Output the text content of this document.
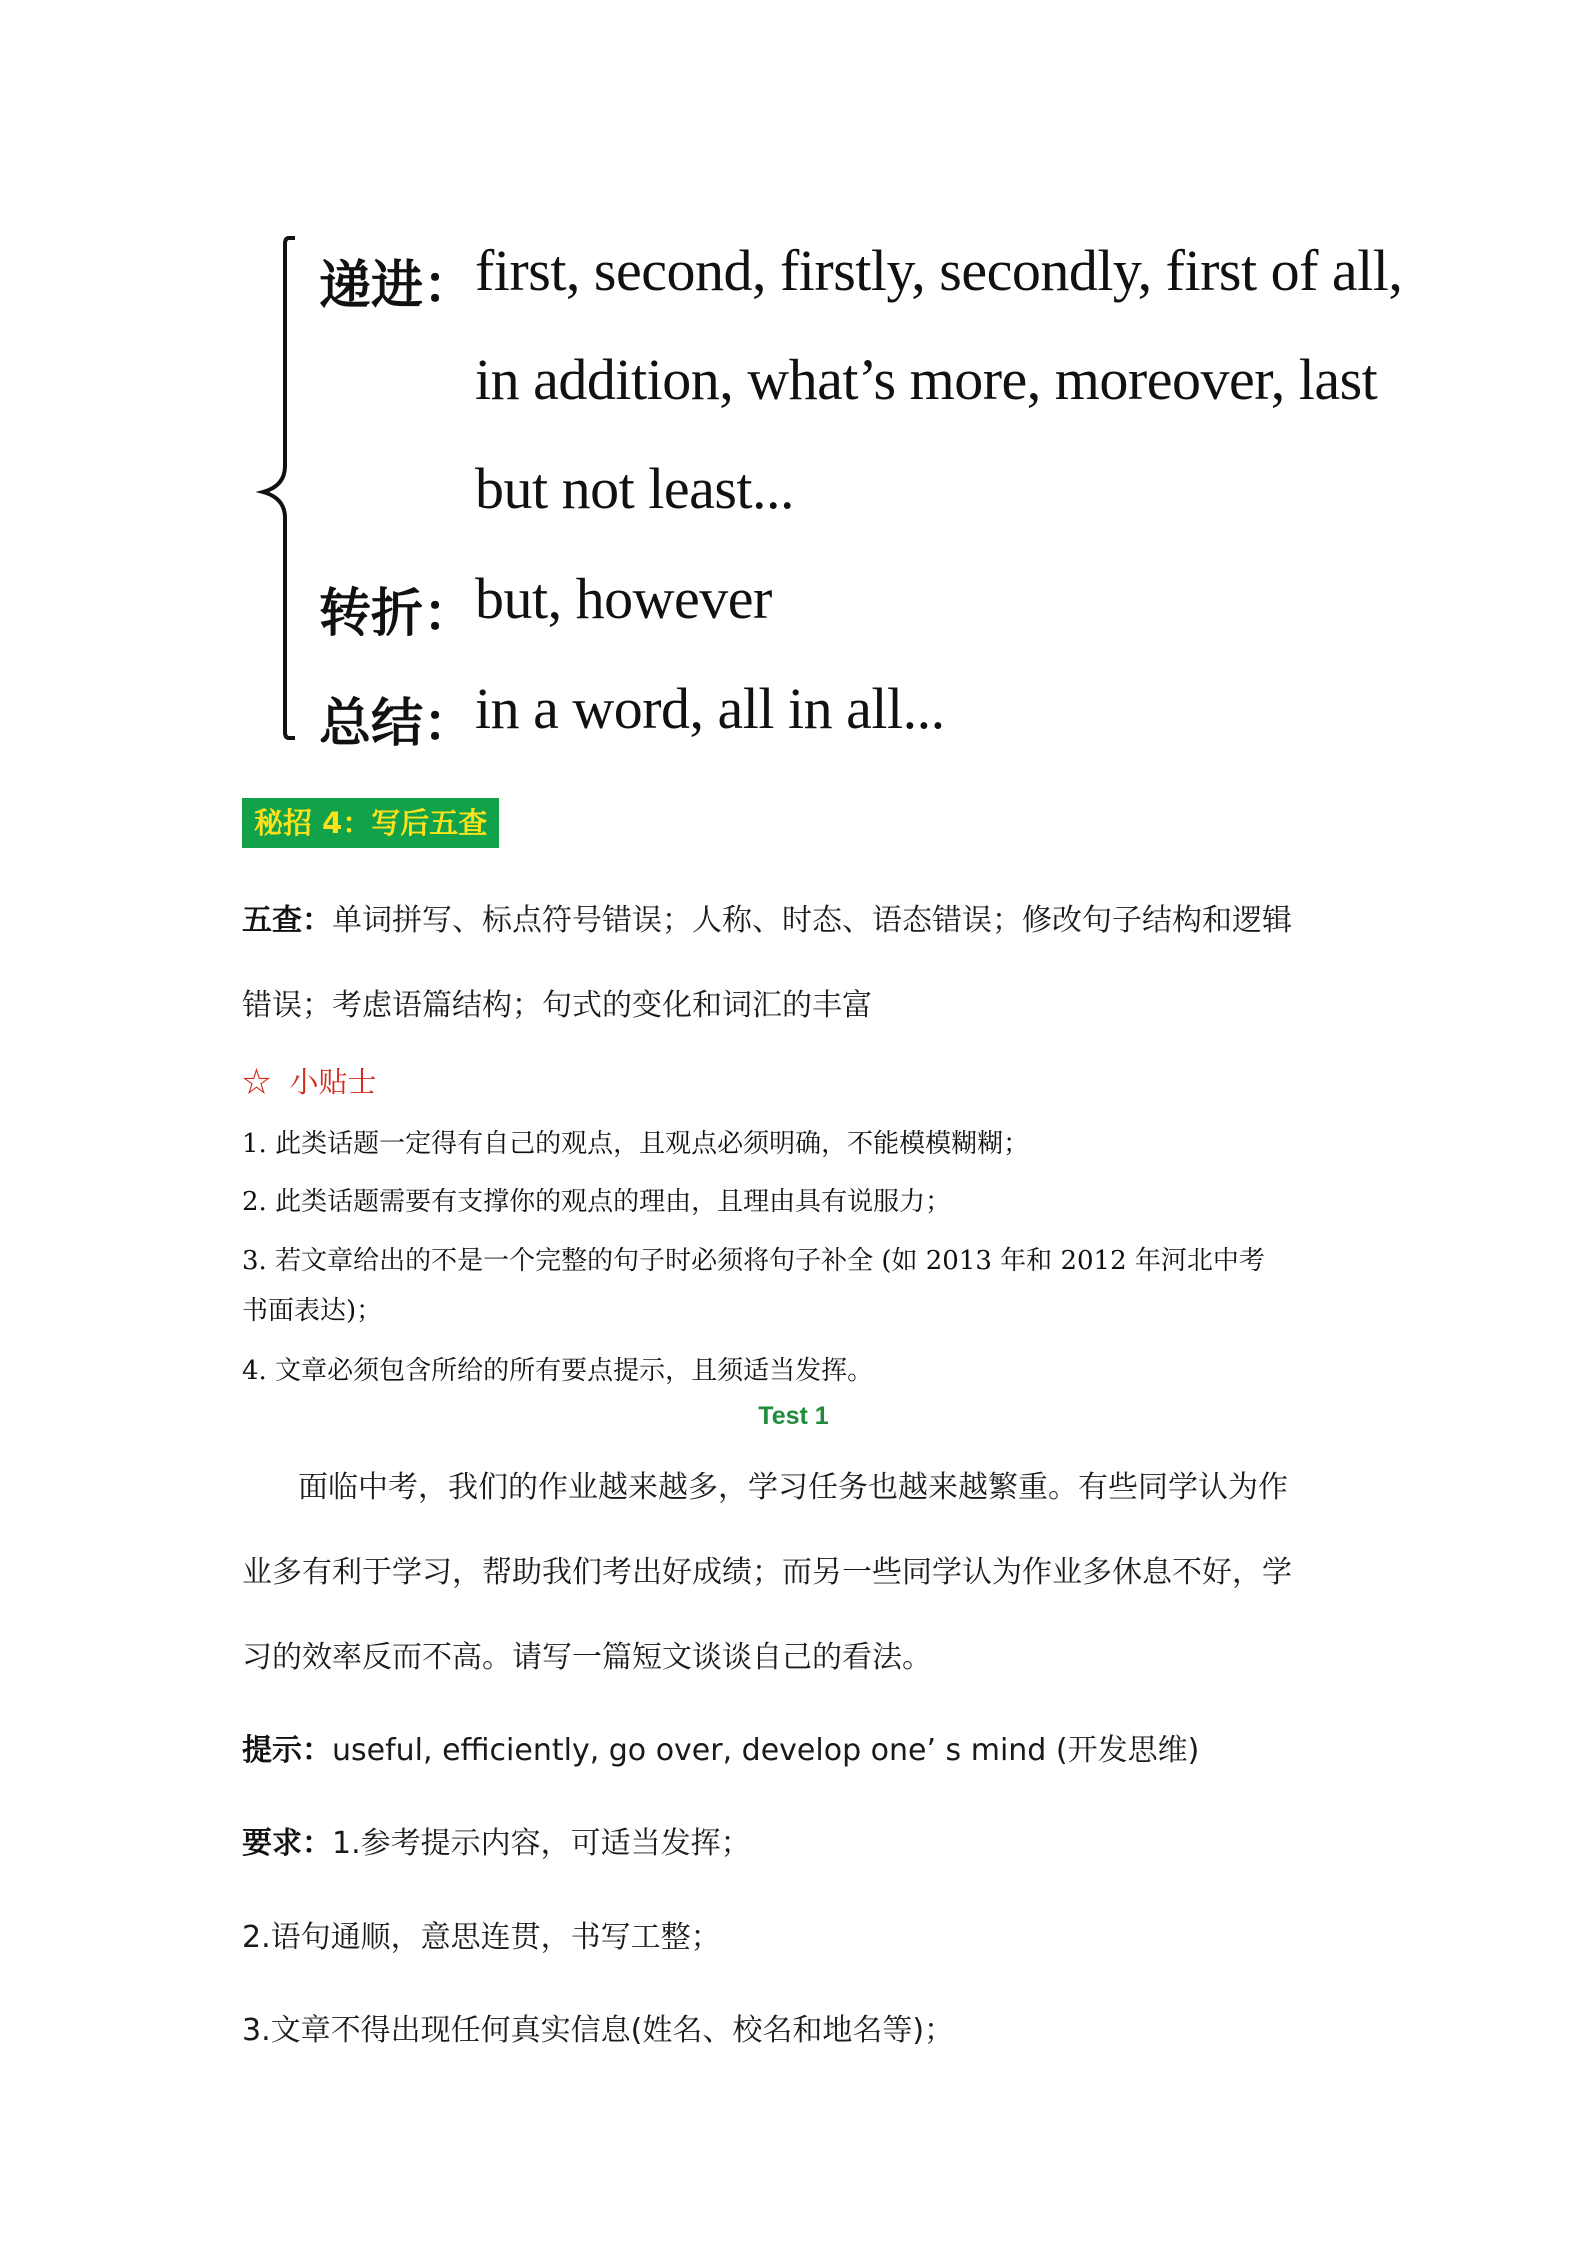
递进： first, second, firstly, secondly, first of all,
in addition, what’s more, moreover, last
but not least...
转折： but, however
总结： in a word, all in all...
秘招 4：写后五查
五查：单词拼写、标点符号错误；人称、时态、语态错误；修改句子结构和逻辑
错误；考虑语篇结构；句式的变化和词汇的丰富
☆ 小贴士
1. 此类话题一定得有自己的观点，且观点必须明确，不能模模糊糊；
2. 此类话题需要有支撑你的观点的理由，且理由具有说服力；
3. 若文章给出的不是一个完整的句子时必须将句子补全 (如 2013 年和 2012 年河北中考
书面表达)；
4. 文章必须包含所给的所有要点提示，且须适当发挥。
Test 1
面临中考，我们的作业越来越多，学习任务也越来越繁重。有些同学认为作
业多有利于学习，帮助我们考出好成绩；而另一些同学认为作业多休息不好，学
习的效率反而不高。请写一篇短文谈谈自己的看法。
提示：useful, efficiently, go over, develop one’ s mind (开发思维)
要求：1.参考提示内容，可适当发挥；
2.语句通顺，意思连贯，书写工整；
3.文章不得出现任何真实信息(姓名、校名和地名等)；
